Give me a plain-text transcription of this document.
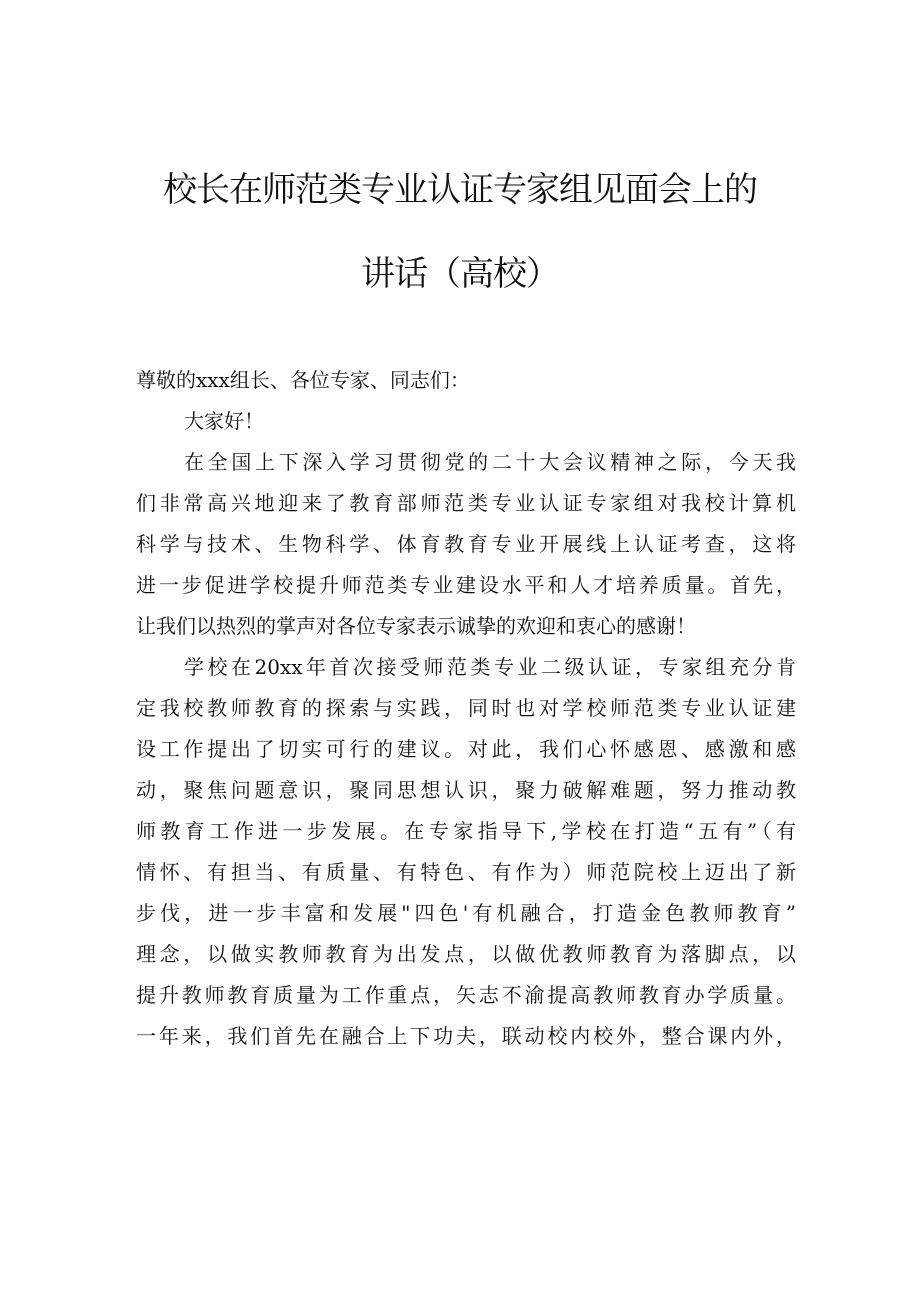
校长在师范类专业认证专家组见面会上的
讲话（高校）
尊敬的xxx组长、各位专家、同志们：
大家好！
在全国上下深入学习贯彻党的二十大会议精神之际，今天我
们非常高兴地迎来了教育部师范类专业认证专家组对我校计算机
科学与技术、生物科学、体育教育专业开展线上认证考查，这将
进一步促进学校提升师范类专业建设水平和人才培养质量。首先，
让我们以热烈的掌声对各位专家表示诚挚的欢迎和衷心的感谢！
学校在20xx年首次接受师范类专业二级认证，专家组充分肯
定我校教师教育的探索与实践，同时也对学校师范类专业认证建
设工作提出了切实可行的建议。对此，我们心怀感恩、感激和感
动，聚焦问题意识，聚同思想认识，聚力破解难题，努力推动教
师教育工作进一步发展。在专家指导下,学校在打造“五有”（有
情怀、有担当、有质量、有特色、有作为）师范院校上迈出了新
步伐，进一步丰富和发展"四色'有机融合，打造金色教师教育”
理念，以做实教师教育为出发点，以做优教师教育为落脚点，以
提升教师教育质量为工作重点，矢志不渝提高教师教育办学质量。
一年来，我们首先在融合上下功夫，联动校内校外，整合课内外，
